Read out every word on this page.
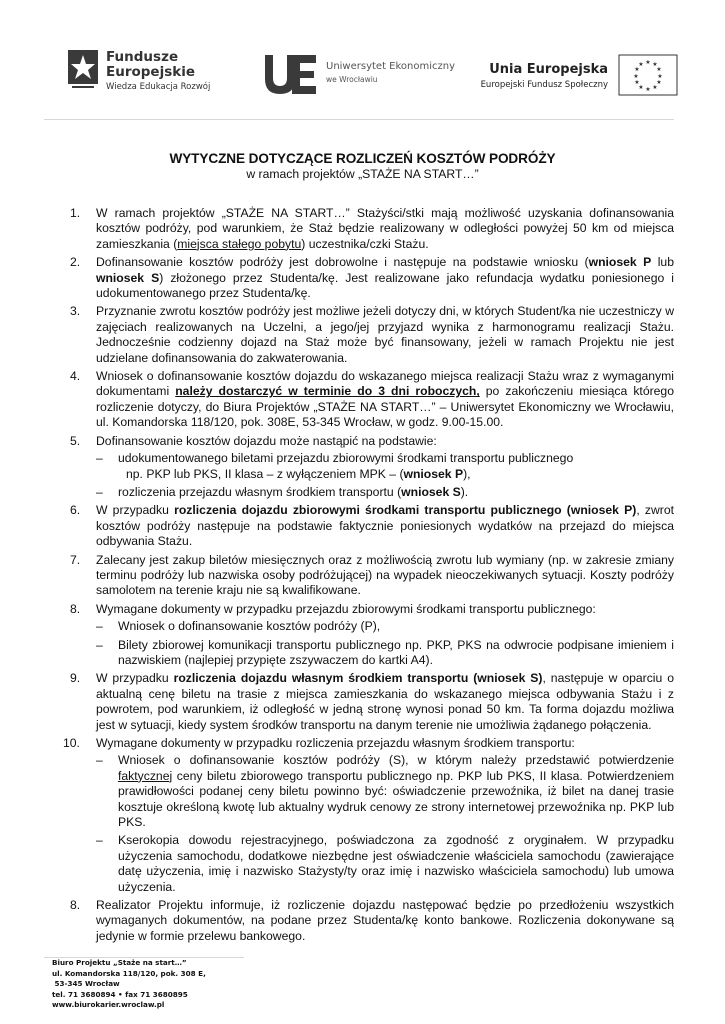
Fundusze
Europejskie
Wiedza Edukacja Rozwój
Uniwersytet Ekonomiczny
we Wrocławiu
Unia Europejska
Europejski Fundusz Społeczny
★ ★
★
★
★
★
★
★
★
★
★
★
WYTYCZNE DOTYCZĄCE ROZLICZEŃ KOSZTÓW PODRÓŻY
w ramach projektów „STAŻE NA START…”
1.	W ramach projektów „STAŻE NA START…” Stażyści/stki mają możliwość uzyskania dofinansowania kosztów podróży, pod warunkiem, że Staż będzie realizowany w odległości powyżej 50 km od miejsca zamieszkania (miejsca stałego pobytu) uczestnika/czki Stażu.
2.	Dofinansowanie kosztów podróży jest dobrowolne i następuje na podstawie wniosku (wniosek P lub wniosek S) złożonego przez Studenta/kę. Jest realizowane jako refundacja wydatku poniesionego i udokumentowanego przez Studenta/kę.
3.	Przyznanie zwrotu kosztów podróży jest możliwe jeżeli dotyczy dni, w których Student/ka nie uczestniczy w zajęciach realizowanych na Uczelni, a jego/jej przyjazd wynika z harmonogramu realizacji Stażu. Jednocześnie codzienny dojazd na Staż może być finansowany, jeżeli w ramach Projektu nie jest udzielane dofinansowania do zakwaterowania.
4.	Wniosek o dofinansowanie kosztów dojazdu do wskazanego miejsca realizacji Stażu wraz z wymaganymi dokumentami należy dostarczyć w terminie do 3 dni roboczych, po zakończeniu miesiąca którego rozliczenie dotyczy, do Biura Projektów „STAŻE NA START…” – Uniwersytet Ekonomiczny we Wrocławiu, ul. Komandorska 118/120, pok. 308E, 53-345 Wrocław, w godz. 9.00-15.00.
5.	Dofinansowanie kosztów dojazdu może nastąpić na podstawie:
– udokumentowanego biletami przejazdu zbiorowymi środkami transportu publicznego
np. PKP lub PKS, II klasa – z wyłączeniem MPK – (wniosek P),
– rozliczenia przejazdu własnym środkiem transportu (wniosek S).
6.	W przypadku rozliczenia dojazdu zbiorowymi środkami transportu publicznego (wniosek P), zwrot kosztów podróży następuje na podstawie faktycznie poniesionych wydatków na przejazd do miejsca odbywania Stażu.
7.	Zalecany jest zakup biletów miesięcznych oraz z możliwością zwrotu lub wymiany (np. w zakresie zmiany terminu podróży lub nazwiska osoby podróżującej) na wypadek nieoczekiwanych sytuacji. Koszty podróży samolotem na terenie kraju nie są kwalifikowane.
8.	Wymagane dokumenty w przypadku przejazdu zbiorowymi środkami transportu publicznego:
– Wniosek o dofinansowanie kosztów podróży (P),
– Bilety zbiorowej komunikacji transportu publicznego np. PKP, PKS na odwrocie podpisane imieniem i nazwiskiem (najlepiej przypięte zszywaczem do kartki A4).
9.	W przypadku rozliczenia dojazdu własnym środkiem transportu (wniosek S), następuje w oparciu o aktualną cenę biletu na trasie z miejsca zamieszkania do wskazanego miejsca odbywania Stażu i z powrotem, pod warunkiem, iż odległość w jedną stronę wynosi ponad 50 km. Ta forma dojazdu możliwa jest w sytuacji, kiedy system środków transportu na danym terenie nie umożliwia żądanego połączenia.
10.	Wymagane dokumenty w przypadku rozliczenia przejazdu własnym środkiem transportu:
– Wniosek o dofinansowanie kosztów podróży (S), w którym należy przedstawić potwierdzenie faktycznej ceny biletu zbiorowego transportu publicznego np. PKP lub PKS, II klasa. Potwierdzeniem prawidłowości podanej ceny biletu powinno być: oświadczenie przewoźnika, iż bilet na danej trasie kosztuje określoną kwotę lub aktualny wydruk cenowy ze strony internetowej przewoźnika np. PKP lub PKS.
– Kserokopia dowodu rejestracyjnego, poświadczona za zgodność z oryginałem. W przypadku użyczenia samochodu, dodatkowe niezbędne jest oświadczenie właściciela samochodu (zawierające datę użyczenia, imię i nazwisko Stażysty/ty oraz imię i nazwisko właściciela samochodu) lub umowa użyczenia.
8.	Realizator Projektu informuje, iż rozliczenie dojazdu następować będzie po przedłożeniu wszystkich wymaganych dokumentów, na podane przez Studenta/kę konto bankowe. Rozliczenia dokonywane są jedynie w formie przelewu bankowego.
Biuro Projektu „Staże na start…”
ul. Komandorska 118/120, pok. 308 E,
53-345 Wrocław
tel. 71 3680894 • fax 71 3680895
www.biurokarier.wroclaw.pl
